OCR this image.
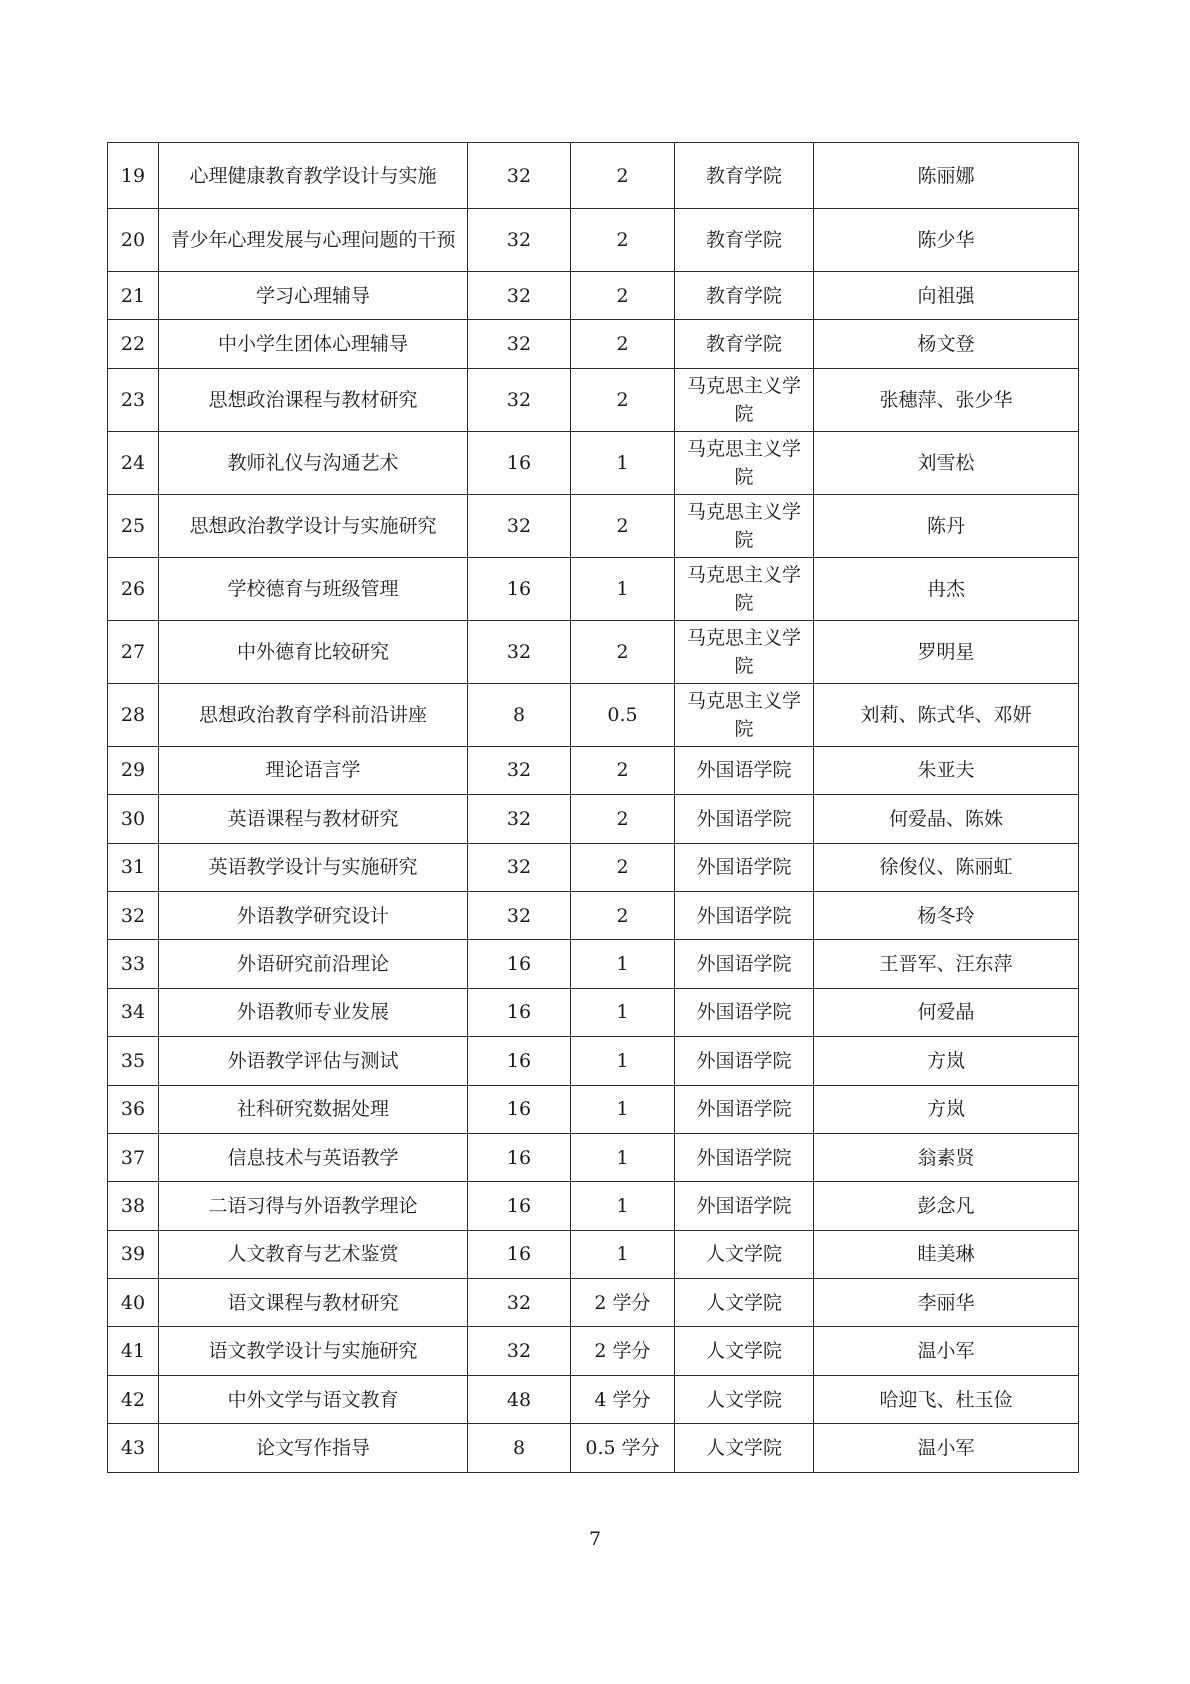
19	心理健康教育教学设计与实施	32	2	教育学院	陈丽娜
20	青少年心理发展与心理问题的干预	32	2	教育学院	陈少华
21	学习心理辅导	32	2	教育学院	向祖强
22	中小学生团体心理辅导	32	2	教育学院	杨文登
23	思想政治课程与教材研究	32	2	马克思主义学院	张穗萍、张少华
24	教师礼仪与沟通艺术	16	1	马克思主义学院	刘雪松
25	思想政治教学设计与实施研究	32	2	马克思主义学院	陈丹
26	学校德育与班级管理	16	1	马克思主义学院	冉杰
27	中外德育比较研究	32	2	马克思主义学院	罗明星
28	思想政治教育学科前沿讲座	8	0.5	马克思主义学院	刘莉、陈式华、邓妍
29	理论语言学	32	2	外国语学院	朱亚夫
30	英语课程与教材研究	32	2	外国语学院	何爱晶、陈姝
31	英语教学设计与实施研究	32	2	外国语学院	徐俊仪、陈丽虹
32	外语教学研究设计	32	2	外国语学院	杨冬玲
33	外语研究前沿理论	16	1	外国语学院	王晋军、汪东萍
34	外语教师专业发展	16	1	外国语学院	何爱晶
35	外语教学评估与测试	16	1	外国语学院	方岚
36	社科研究数据处理	16	1	外国语学院	方岚
37	信息技术与英语教学	16	1	外国语学院	翁素贤
38	二语习得与外语教学理论	16	1	外国语学院	彭念凡
39	人文教育与艺术鉴赏	16	1	人文学院	眭美琳
40	语文课程与教材研究	32	2 学分	人文学院	李丽华
41	语文教学设计与实施研究	32	2 学分	人文学院	温小军
42	中外文学与语文教育	48	4 学分	人文学院	哈迎飞、杜玉俭
43	论文写作指导	8	0.5 学分	人文学院	温小军
7
